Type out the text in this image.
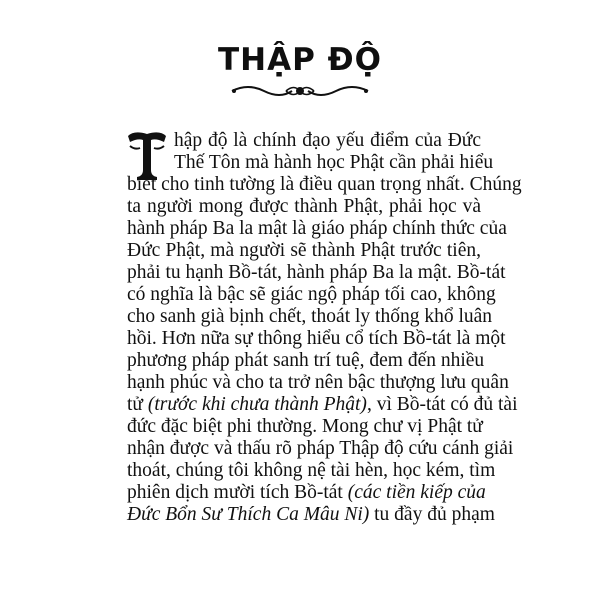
THẬP ĐỘ
hập độ là chính đạo yếu điểm của Đức
Thế Tôn mà hành học Phật cần phải hiểu
biết cho tinh tường là điều quan trọng nhất. Chúng
ta người mong được thành Phật, phải học và
hành pháp Ba la mật là giáo pháp chính thức của
Đức Phật, mà người sẽ thành Phật trước tiên,
phải tu hạnh Bồ-tát, hành pháp Ba la mật. Bồ-tát
có nghĩa là bậc sẽ giác ngộ pháp tối cao, không
cho sanh già bịnh chết, thoát ly thống khổ luân
hồi. Hơn nữa sự thông hiểu cổ tích Bồ-tát là một
phương pháp phát sanh trí tuệ, đem đến nhiều
hạnh phúc và cho ta trở nên bậc thượng lưu quân
tử (trước khi chưa thành Phật), vì Bồ-tát có đủ tài
đức đặc biệt phi thường. Mong chư vị Phật tử
nhận được và thấu rõ pháp Thập độ cứu cánh giải
thoát, chúng tôi không nệ tài hèn, học kém, tìm
phiên dịch mười tích Bồ-tát (các tiền kiếp của
Đức Bổn Sư Thích Ca Mâu Ni) tu đầy đủ phạm
